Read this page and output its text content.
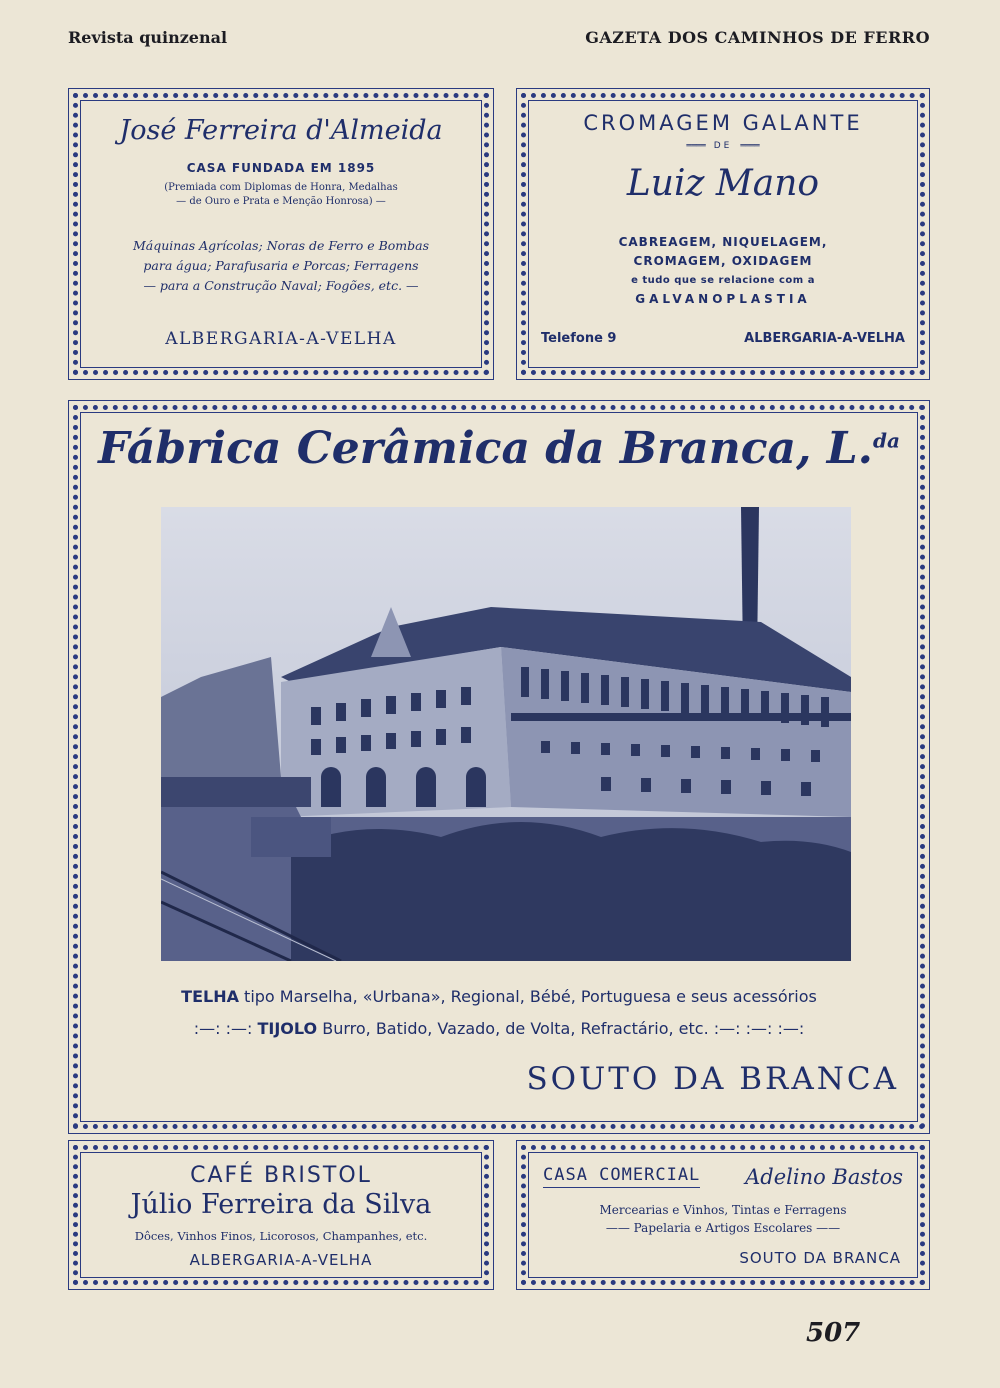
Revista quinzenal	GAZETA DOS CAMINHOS DE FERRO
José Ferreira d'Almeida
CASA FUNDADA EM 1895
(Premiada com Diplomas de Honra, Medalhas
— de Ouro e Prata e Menção Honrosa) —
Máquinas Agrícolas; Noras de Ferro e Bombas
para água; Parafusaria e Porcas; Ferragens
— para a Construção Naval; Fogões, etc. —
ALBERGARIA-A-VELHA
CROMAGEM GALANTE
════ DE ════
Luiz Mano
CABREAGEM, NIQUELAGEM,
CROMAGEM, OXIDAGEM
e tudo que se relacione com a
GALVANOPLASTIA
Telefone 9	ALBERGARIA-A-VELHA
Fábrica Cerâmica da Branca, L.$^{da}$
TELHA tipo Marselha, «Urbana», Regional, Bébé, Portuguesa e seus acessórios
:—: :—: TIJOLO Burro, Batido, Vazado, de Volta, Refractário, etc. :—: :—: :—:
SOUTO DA BRANCA
CAFÉ BRISTOL
Júlio Ferreira da Silva
Dôces, Vinhos Finos, Licorosos, Champanhes, etc.
ALBERGARIA-A-VELHA
CASA COMERCIAL Adelino Bastos
Mercearias e Vinhos, Tintas e Ferragens
—— Papelaria e Artigos Escolares ——
SOUTO DA BRANCA
507
